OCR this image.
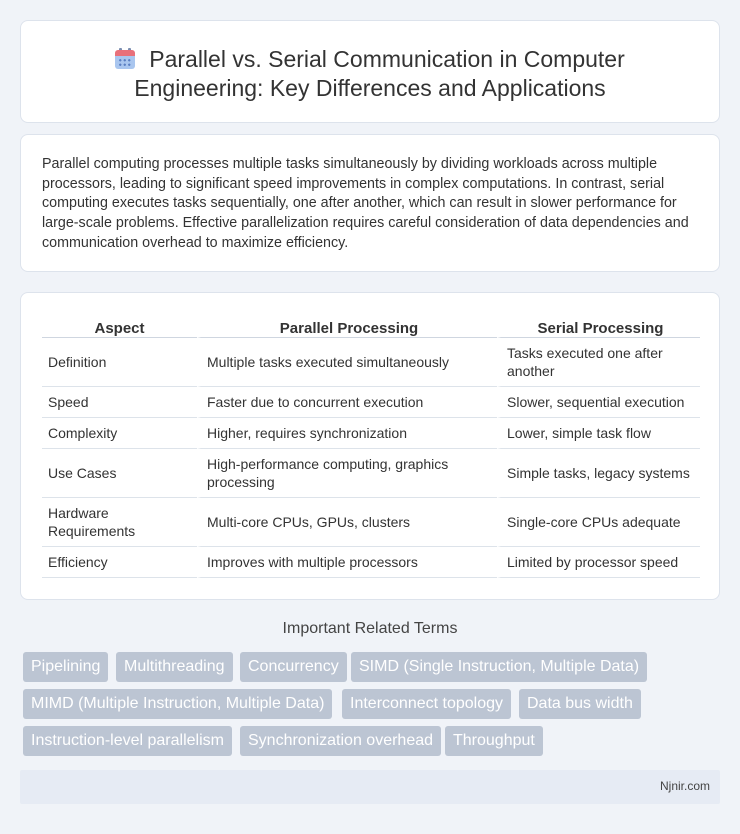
Parallel vs. Serial Communication in Computer
Engineering: Key Differences and Applications

Parallel computing processes multiple tasks simultaneously by dividing workloads across multiple processors, leading to significant speed improvements in complex computations. In contrast, serial computing executes tasks sequentially, one after another, which can result in slower performance for large-scale problems. Effective parallelization requires careful consideration of data dependencies and communication overhead to maximize efficiency.

Aspect	Parallel Processing	Serial Processing
Definition	Multiple tasks executed simultaneously	Tasks executed one after another
Speed	Faster due to concurrent execution	Slower, sequential execution
Complexity	Higher, requires synchronization	Lower, simple task flow
Use Cases	High-performance computing, graphics processing	Simple tasks, legacy systems
Hardware Requirements	Multi-core CPUs, GPUs, clusters	Single-core CPUs adequate
Efficiency	Improves with multiple processors	Limited by processor speed
Important Related Terms
Pipelining	Multithreading	Concurrency	SIMD (Single Instruction, Multiple Data)
MIMD (Multiple Instruction, Multiple Data)	Interconnect topology	Data bus width
Instruction-level parallelism	Synchronization overhead	Throughput
Njnir.com
